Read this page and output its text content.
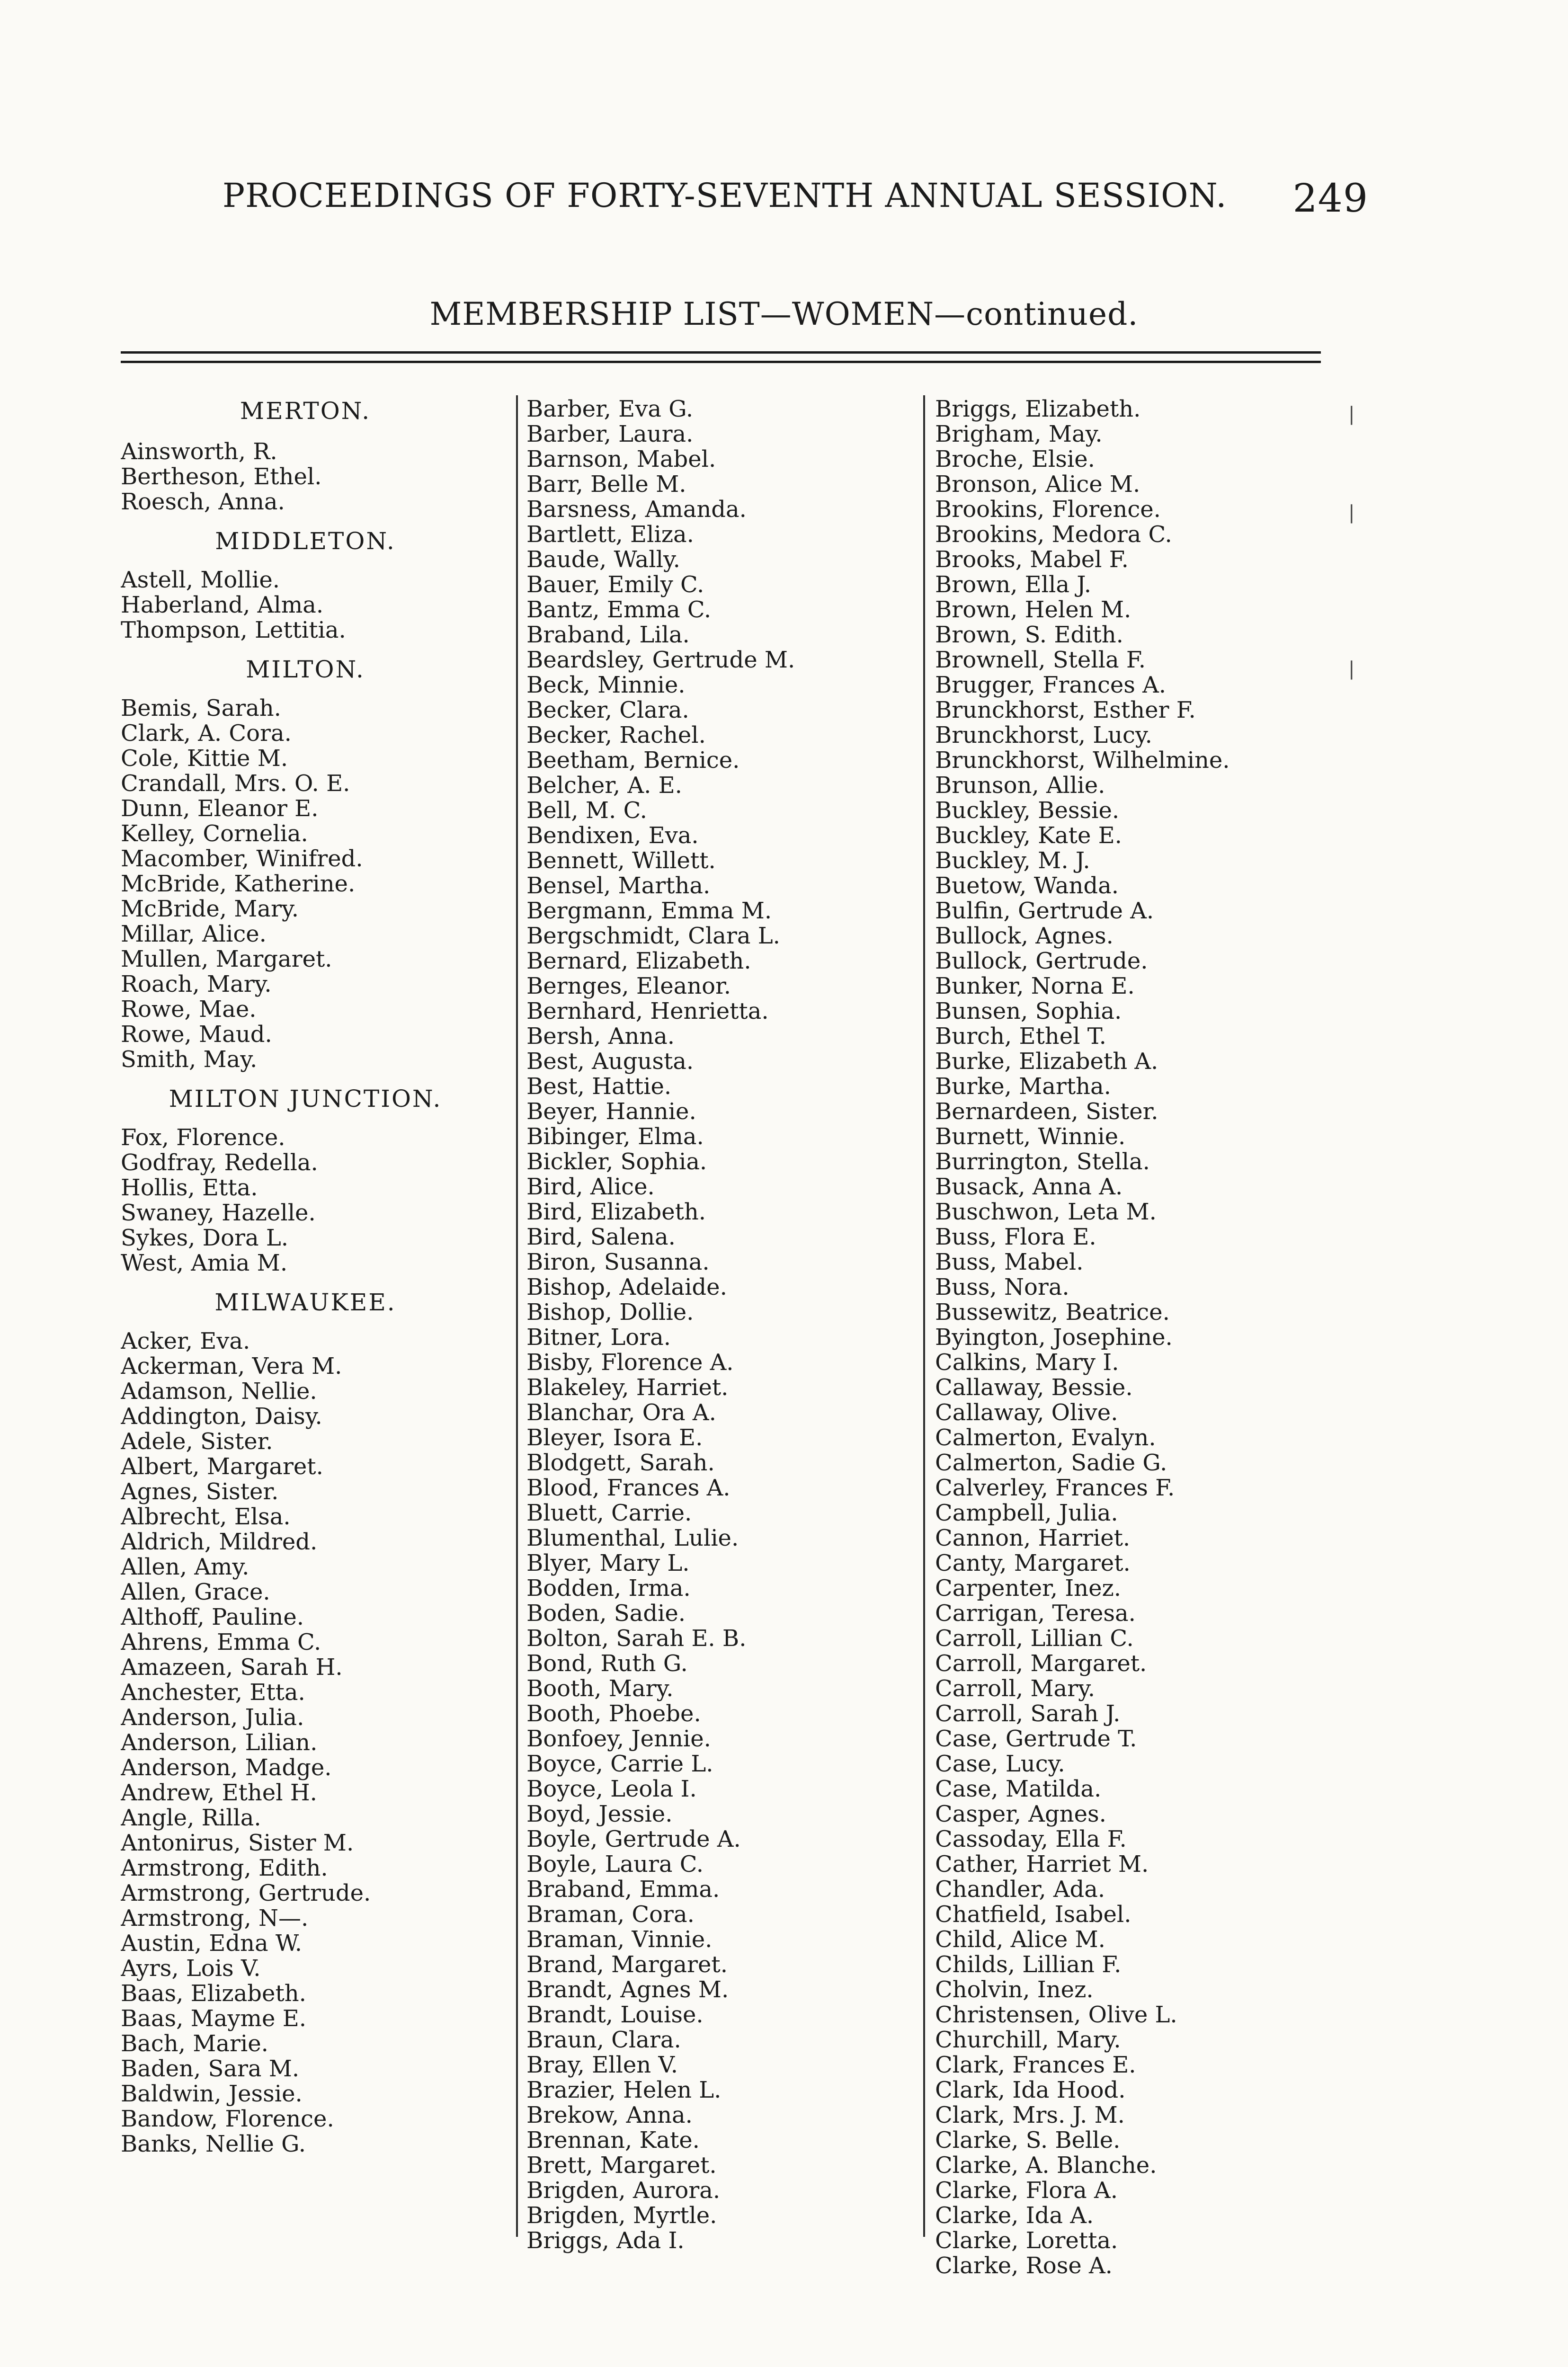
PROCEEDINGS OF FORTY-SEVENTH ANNUAL SESSION. 249
MEMBERSHIP LIST—WOMEN—continued.
MERTON.
Ainsworth, R.
Bertheson, Ethel.
Roesch, Anna.
MIDDLETON.
Astell, Mollie.
Haberland, Alma.
Thompson, Lettitia.
MILTON.
Bemis, Sarah.
Clark, A. Cora.
Cole, Kittie M.
Crandall, Mrs. O. E.
Dunn, Eleanor E.
Kelley, Cornelia.
Macomber, Winifred.
McBride, Katherine.
McBride, Mary.
Millar, Alice.
Mullen, Margaret.
Roach, Mary.
Rowe, Mae.
Rowe, Maud.
Smith, May.
MILTON JUNCTION.
Fox, Florence.
Godfray, Redella.
Hollis, Etta.
Swaney, Hazelle.
Sykes, Dora L.
West, Amia M.
MILWAUKEE.
Acker, Eva.
Ackerman, Vera M.
Adamson, Nellie.
Addington, Daisy.
Adele, Sister.
Albert, Margaret.
Agnes, Sister.
Albrecht, Elsa.
Aldrich, Mildred.
Allen, Amy.
Allen, Grace.
Althoff, Pauline.
Ahrens, Emma C.
Amazeen, Sarah H.
Anchester, Etta.
Anderson, Julia.
Anderson, Lilian.
Anderson, Madge.
Andrew, Ethel H.
Angle, Rilla.
Antonirus, Sister M.
Armstrong, Edith.
Armstrong, Gertrude.
Armstrong, N—.
Austin, Edna W.
Ayrs, Lois V.
Baas, Elizabeth.
Baas, Mayme E.
Bach, Marie.
Baden, Sara M.
Baldwin, Jessie.
Bandow, Florence.
Banks, Nellie G.
Barber, Eva G.
Barber, Laura.
Barnson, Mabel.
Barr, Belle M.
Barsness, Amanda.
Bartlett, Eliza.
Baude, Wally.
Bauer, Emily C.
Bantz, Emma C.
Braband, Lila.
Beardsley, Gertrude M.
Beck, Minnie.
Becker, Clara.
Becker, Rachel.
Beetham, Bernice.
Belcher, A. E.
Bell, M. C.
Bendixen, Eva.
Bennett, Willett.
Bensel, Martha.
Bergmann, Emma M.
Bergschmidt, Clara L.
Bernard, Elizabeth.
Bernges, Eleanor.
Bernhard, Henrietta.
Bersh, Anna.
Best, Augusta.
Best, Hattie.
Beyer, Hannie.
Bibinger, Elma.
Bickler, Sophia.
Bird, Alice.
Bird, Elizabeth.
Bird, Salena.
Biron, Susanna.
Bishop, Adelaide.
Bishop, Dollie.
Bitner, Lora.
Bisby, Florence A.
Blakeley, Harriet.
Blanchar, Ora A.
Bleyer, Isora E.
Blodgett, Sarah.
Blood, Frances A.
Bluett, Carrie.
Blumenthal, Lulie.
Blyer, Mary L.
Bodden, Irma.
Boden, Sadie.
Bolton, Sarah E. B.
Bond, Ruth G.
Booth, Mary.
Booth, Phoebe.
Bonfoey, Jennie.
Boyce, Carrie L.
Boyce, Leola I.
Boyd, Jessie.
Boyle, Gertrude A.
Boyle, Laura C.
Braband, Emma.
Braman, Cora.
Braman, Vinnie.
Brand, Margaret.
Brandt, Agnes M.
Brandt, Louise.
Braun, Clara.
Bray, Ellen V.
Brazier, Helen L.
Brekow, Anna.
Brennan, Kate.
Brett, Margaret.
Brigden, Aurora.
Brigden, Myrtle.
Briggs, Ada I.
Briggs, Elizabeth.
Brigham, May.
Broche, Elsie.
Bronson, Alice M.
Brookins, Florence.
Brookins, Medora C.
Brooks, Mabel F.
Brown, Ella J.
Brown, Helen M.
Brown, S. Edith.
Brownell, Stella F.
Brugger, Frances A.
Brunckhorst, Esther F.
Brunckhorst, Lucy.
Brunckhorst, Wilhelmine.
Brunson, Allie.
Buckley, Bessie.
Buckley, Kate E.
Buckley, M. J.
Buetow, Wanda.
Bulfin, Gertrude A.
Bullock, Agnes.
Bullock, Gertrude.
Bunker, Norna E.
Bunsen, Sophia.
Burch, Ethel T.
Burke, Elizabeth A.
Burke, Martha.
Bernardeen, Sister.
Burnett, Winnie.
Burrington, Stella.
Busack, Anna A.
Buschwon, Leta M.
Buss, Flora E.
Buss, Mabel.
Buss, Nora.
Bussewitz, Beatrice.
Byington, Josephine.
Calkins, Mary I.
Callaway, Bessie.
Callaway, Olive.
Calmerton, Evalyn.
Calmerton, Sadie G.
Calverley, Frances F.
Campbell, Julia.
Cannon, Harriet.
Canty, Margaret.
Carpenter, Inez.
Carrigan, Teresa.
Carroll, Lillian C.
Carroll, Margaret.
Carroll, Mary.
Carroll, Sarah J.
Case, Gertrude T.
Case, Lucy.
Case, Matilda.
Casper, Agnes.
Cassoday, Ella F.
Cather, Harriet M.
Chandler, Ada.
Chatfield, Isabel.
Child, Alice M.
Childs, Lillian F.
Cholvin, Inez.
Christensen, Olive L.
Churchill, Mary.
Clark, Frances E.
Clark, Ida Hood.
Clark, Mrs. J. M.
Clarke, S. Belle.
Clarke, A. Blanche.
Clarke, Flora A.
Clarke, Ida A.
Clarke, Loretta.
Clarke, Rose A.
|
|
|
